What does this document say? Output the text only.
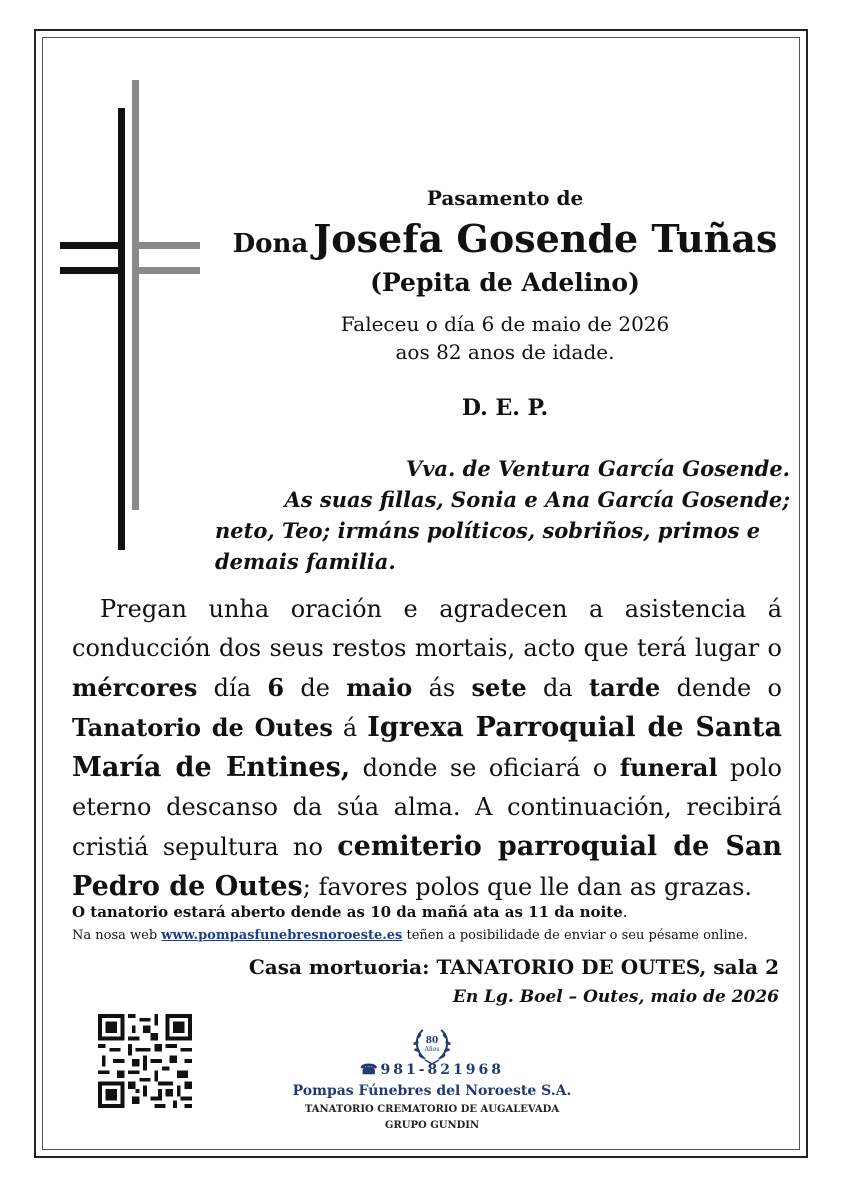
Pasamento de
Dona Josefa Gosende Tuñas
(Pepita de Adelino)
Faleceu o día 6 de maio de 2026
aos 82 anos de idade.
D. E. P.
Vva. de Ventura García Gosende.
As suas fillas, Sonia e Ana García Gosende;
neto, Teo; irmáns políticos, sobriños, primos e
demais familia.
Pregan unha oración e agradecen a asistencia á conducción dos seus restos mortais, acto que terá lugar o mércores día 6 de maio ás sete da tarde dende o Tanatorio de Outes á Igrexa Parroquial de Santa María de Entines, donde se oficiará o funeral polo eterno descanso da súa alma. A continuación, recibirá cristiá sepultura no cemiterio parroquial de San Pedro de Outes; favores polos que lle dan as grazas.
O tanatorio estará aberto dende as 10 da mañá ata as 11 da noite.
Na nosa web www.pompasfunebresnoroeste.es teñen a posibilidade de enviar o seu pésame online.
Casa mortuoria: TANATORIO DE OUTES, sala 2
En Lg. Boel – Outes, maio de 2026
80
Años
☎981-821968
Pompas Fúnebres del Noroeste S.A.
TANATORIO CREMATORIO DE AUGALEVADA
GRUPO GUNDIN
